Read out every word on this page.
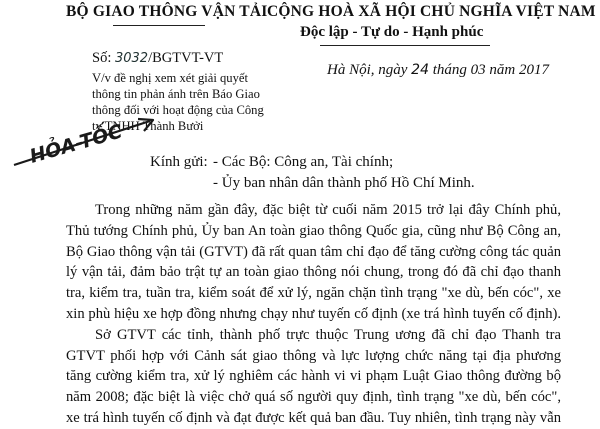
BỘ GIAO THÔNG VẬN TẢI CỘNG HOÀ XÃ HỘI CHỦ NGHĨA VIỆT NAM
Độc lập - Tự do - Hạnh phúc
Số: 3032/BGTVT-VT
V/v đề nghị xem xét giải quyết
thông tin phản ánh trên Báo Giao
thông đối với hoạt động của Công
ty TNHH Thành Bưởi
Hà Nội, ngày 24 tháng 03 năm 2017
HỎA-TỐC Kính gửi: - Các Bộ: Công an, Tài chính;
- Ủy ban nhân dân thành phố Hồ Chí Minh.

Trong những năm gần đây, đặc biệt từ cuối năm 2015 trở lại đây Chính phủ,
Thủ tướng Chính phủ, Ủy ban An toàn giao thông Quốc gia, cũng như Bộ Công an,
Bộ Giao thông vận tải (GTVT) đã rất quan tâm chỉ đạo để tăng cường công tác quản
lý vận tải, đảm bảo trật tự an toàn giao thông nói chung, trong đó đã chỉ đạo thanh
tra, kiểm tra, tuần tra, kiểm soát để xử lý, ngăn chặn tình trạng "xe dù, bến cóc", xe
xin phù hiệu xe hợp đồng nhưng chạy như tuyến cố định (xe trá hình tuyến cố định).

Sở GTVT các tỉnh, thành phố trực thuộc Trung ương đã chỉ đạo Thanh tra
GTVT phối hợp với Cảnh sát giao thông và lực lượng chức năng tại địa phương
tăng cường kiểm tra, xử lý nghiêm các hành vi vi phạm Luật Giao thông đường bộ
năm 2008; đặc biệt là việc chở quá số người quy định, tình trạng "xe dù, bến cóc",
xe trá hình tuyến cố định và đạt được kết quả ban đầu. Tuy nhiên, tình trạng này vẫn
